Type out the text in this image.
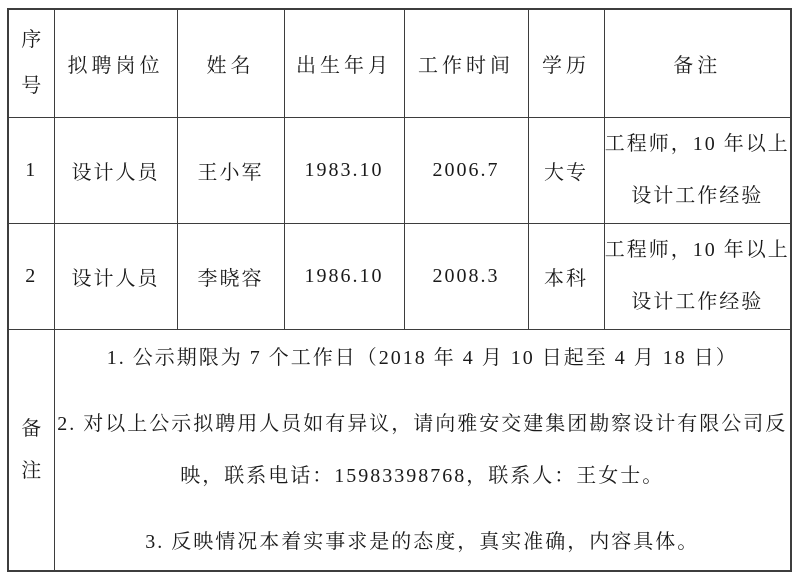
序号	拟聘岗位	姓名	出生年月	工作时间	学历	备注
1	设计人员	王小军	1983.10	2006.7	大专	工程师，10 年以上设计工作经验
2	设计人员	李晓容	1986.10	2008.3	本科	工程师，10 年以上设计工作经验

备注	1. 公示期限为 7 个工作日（2018 年 4 月 10 日起至 4 月 18 日）

2. 对以上公示拟聘用人员如有异议，请向雅安交建集团勘察设计有限公司反映，联系电话：15983398768，联系人：王女士。

3. 反映情况本着实事求是的态度，真实准确，内容具体。					
